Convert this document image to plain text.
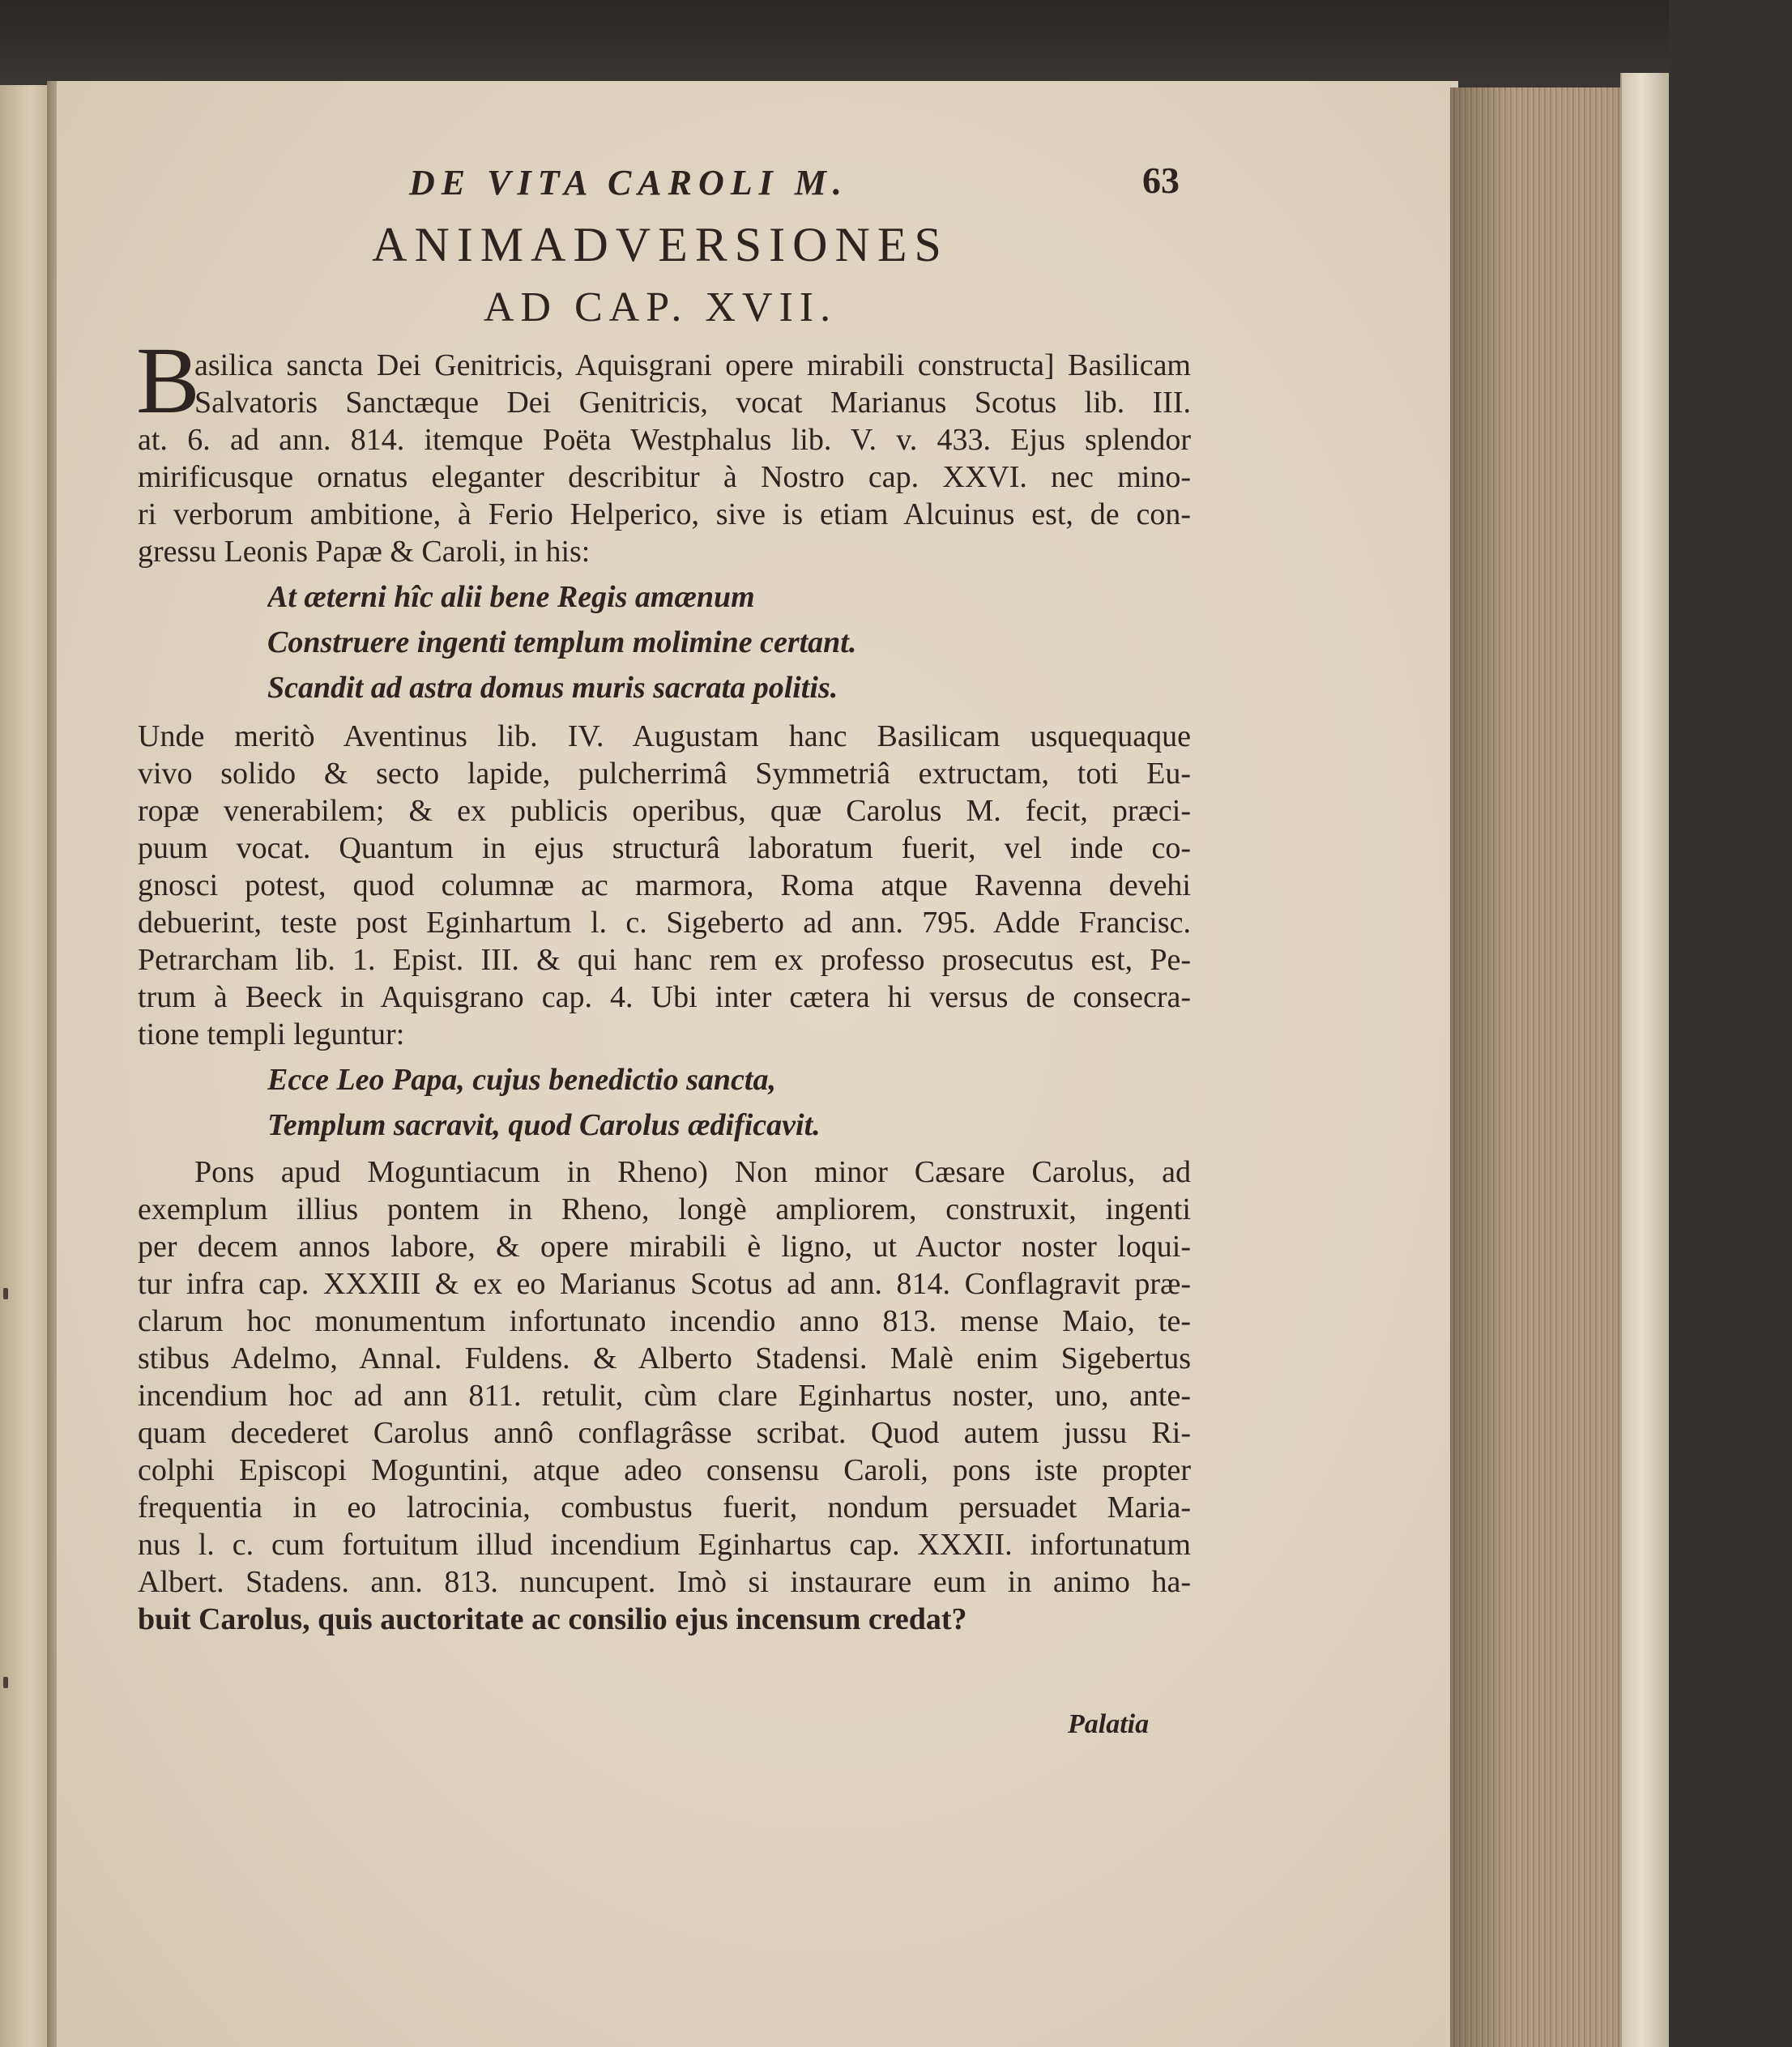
DE VITA CAROLI M.	63
ANIMADVERSIONES
AD CAP. XVII.
B
asilica sancta Dei Genitricis, Aquisgrani opere mirabili constructa] Basilicam
Salvatoris Sanctæque Dei Genitricis, vocat Marianus Scotus lib. III.
at. 6. ad ann. 814. itemque Poëta Westphalus lib. V. v. 433. Ejus splendor
mirificusque ornatus eleganter describitur à Nostro cap. XXVI. nec mino-
ri verborum ambitione, à Ferio Helperico, sive is etiam Alcuinus est, de con-
gressu Leonis Papæ & Caroli, in his:
At æterni hîc alii bene Regis amænum
Construere ingenti templum molimine certant.
Scandit ad astra domus muris sacrata politis.
Unde meritò Aventinus lib. IV. Augustam hanc Basilicam usquequaque
vivo solido & secto lapide, pulcherrimâ Symmetriâ extructam, toti Eu-
ropæ venerabilem; & ex publicis operibus, quæ Carolus M. fecit, præci-
puum vocat. Quantum in ejus structurâ laboratum fuerit, vel inde co-
gnosci potest, quod columnæ ac marmora, Roma atque Ravenna devehi
debuerint, teste post Eginhartum l. c. Sigeberto ad ann. 795. Adde Francisc.
Petrarcham lib. 1. Epist. III. & qui hanc rem ex professo prosecutus est, Pe-
trum à Beeck in Aquisgrano cap. 4. Ubi inter cætera hi versus de consecra-
tione templi leguntur:
Ecce Leo Papa, cujus benedictio sancta,
Templum sacravit, quod Carolus ædificavit.
Pons apud Moguntiacum in Rheno) Non minor Cæsare Carolus, ad
exemplum illius pontem in Rheno, longè ampliorem, construxit, ingenti
per decem annos labore, & opere mirabili è ligno, ut Auctor noster loqui-
tur infra cap. XXXIII & ex eo Marianus Scotus ad ann. 814. Conflagravit præ-
clarum hoc monumentum infortunato incendio anno 813. mense Maio, te-
stibus Adelmo, Annal. Fuldens. & Alberto Stadensi. Malè enim Sigebertus
incendium hoc ad ann 811. retulit, cùm clare Eginhartus noster, uno, ante-
quam decederet Carolus annô conflagrâsse scribat. Quod autem jussu Ri-
colphi Episcopi Moguntini, atque adeo consensu Caroli, pons iste propter
frequentia in eo latrocinia, combustus fuerit, nondum persuadet Maria-
nus l. c. cum fortuitum illud incendium Eginhartus cap. XXXII. infortunatum
Albert. Stadens. ann. 813. nuncupent. Imò si instaurare eum in animo ha-
buit Carolus, quis auctoritate ac consilio ejus incensum credat?
Palatia
